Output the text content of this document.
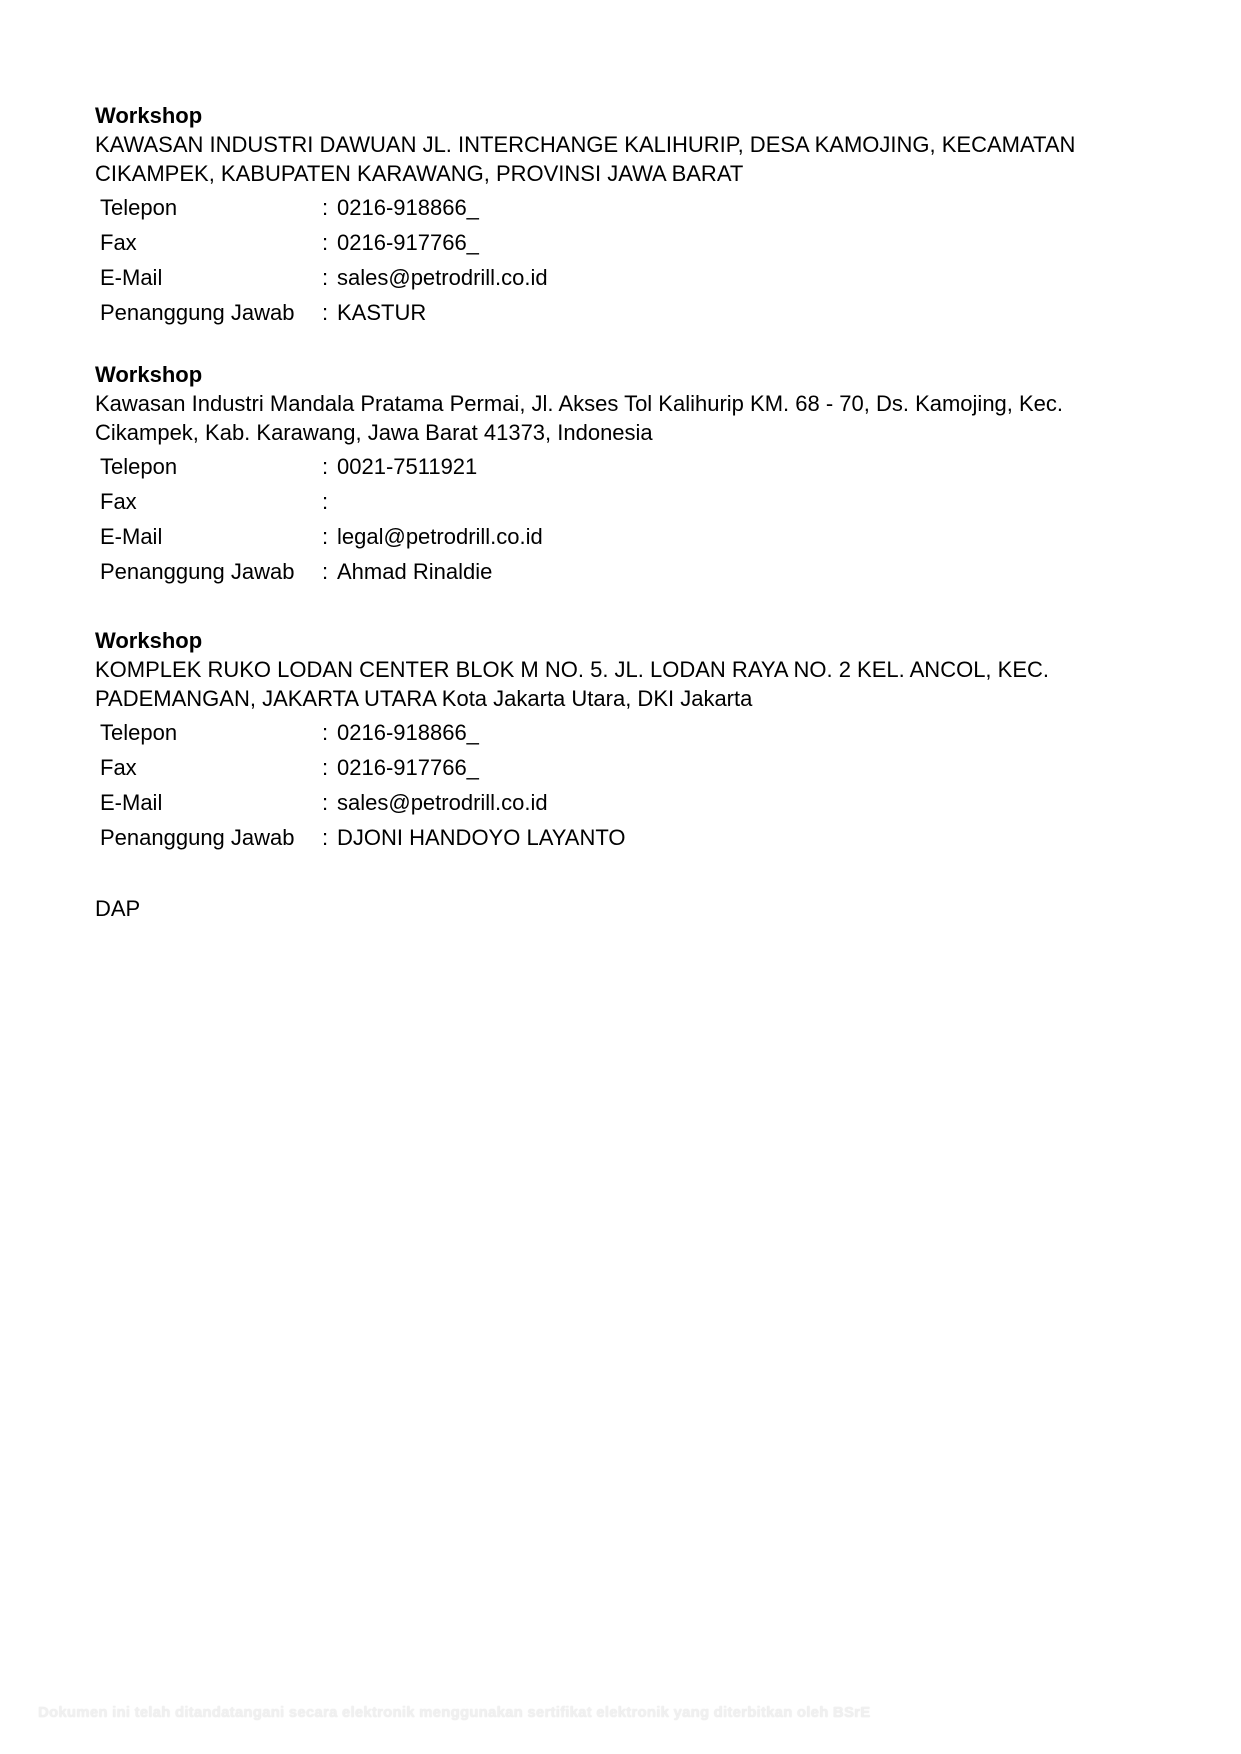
Workshop

KAWASAN INDUSTRI DAWUAN JL. INTERCHANGE KALIHURIP, DESA KAMOJING, KECAMATAN CIKAMPEK, KABUPATEN KARAWANG, PROVINSI JAWA BARAT

Telepon	:	0216-918866_
Fax	:	0216-917766_
E-Mail	:	sales@petrodrill.co.id
Penanggung Jawab	:	KASTUR

Workshop

Kawasan Industri Mandala Pratama Permai, Jl. Akses Tol Kalihurip KM. 68 - 70, Ds. Kamojing, Kec. Cikampek, Kab. Karawang, Jawa Barat 41373, Indonesia

Telepon	:	0021-7511921
Fax	:	
E-Mail	:	legal@petrodrill.co.id
Penanggung Jawab	:	Ahmad Rinaldie

Workshop

KOMPLEK RUKO LODAN CENTER BLOK M NO. 5. JL. LODAN RAYA NO. 2 KEL. ANCOL, KEC. PADEMANGAN, JAKARTA UTARA Kota Jakarta Utara, DKI Jakarta

Telepon	:	0216-918866_
Fax	:	0216-917766_
E-Mail	:	sales@petrodrill.co.id
Penanggung Jawab	:	DJONI HANDOYO LAYANTO
DAP
Dokumen ini telah ditandatangani secara elektronik menggunakan sertifikat elektronik yang diterbitkan oleh BSrE
